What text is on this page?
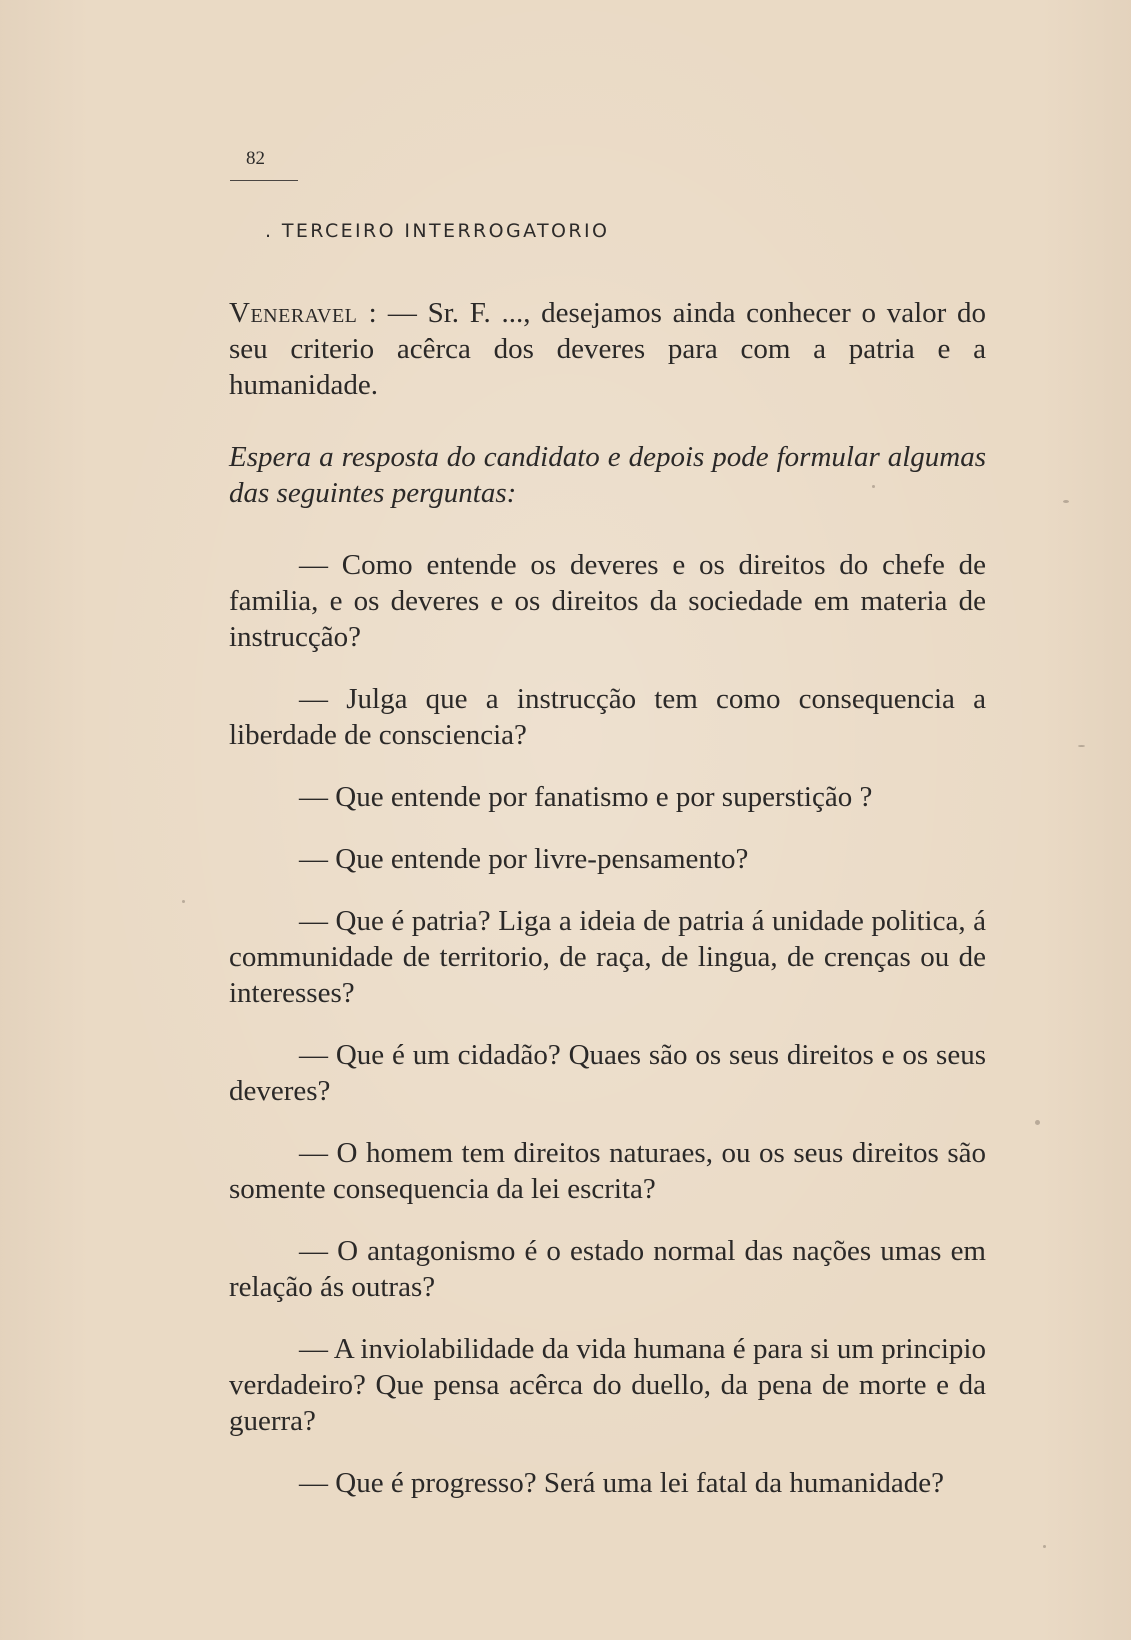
82
. TERCEIRO INTERROGATORIO

Veneravel : — Sr. F. ..., desejamos ainda conhecer o valor do seu criterio acêrca dos deveres para com a patria e a humanidade.

Espera a resposta do candidato e depois pode formular algumas das seguintes perguntas:

— Como entende os deveres e os direitos do chefe de familia, e os deveres e os direitos da sociedade em materia de instrucção?

— Julga que a instrucção tem como consequencia a liberdade de consciencia?

— Que entende por fanatismo e por superstição ?

— Que entende por livre-pensamento?

— Que é patria? Liga a ideia de patria á unidade politica, á communidade de territorio, de raça, de lingua, de crenças ou de interesses?

— Que é um cidadão? Quaes são os seus direitos e os seus deveres?

— O homem tem direitos naturaes, ou os seus direitos são somente consequencia da lei escrita?

— O antagonismo é o estado normal das nações umas em relação ás outras?

— A inviolabilidade da vida humana é para si um principio verdadeiro? Que pensa acêrca do duello, da pena de morte e da guerra?

— Que é progresso? Será uma lei fatal da humanidade?
